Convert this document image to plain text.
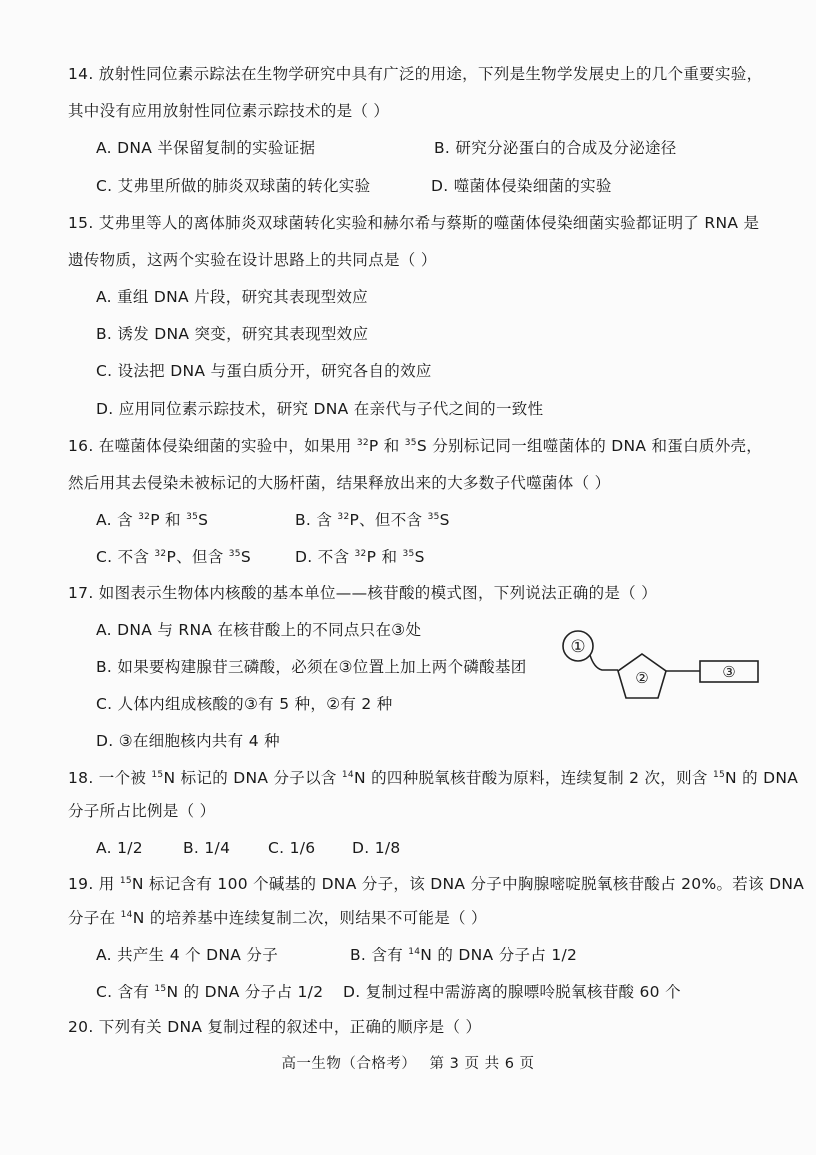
14. 放射性同位素示踪法在生物学研究中具有广泛的用途，下列是生物学发展史上的几个重要实验，
其中没有应用放射性同位素示踪技术的是（ ）
A. DNA 半保留复制的实验证据	B. 研究分泌蛋白的合成及分泌途径
C. 艾弗里所做的肺炎双球菌的转化实验	D. 噬菌体侵染细菌的实验
15. 艾弗里等人的离体肺炎双球菌转化实验和赫尔希与蔡斯的噬菌体侵染细菌实验都证明了 RNA 是
遗传物质，这两个实验在设计思路上的共同点是（ ）
A. 重组 DNA 片段，研究其表现型效应
B. 诱发 DNA 突变，研究其表现型效应
C. 设法把 DNA 与蛋白质分开，研究各自的效应
D. 应用同位素示踪技术，研究 DNA 在亲代与子代之间的一致性
16. 在噬菌体侵染细菌的实验中，如果用 $^{32}$P 和 $^{35}$S 分别标记同一组噬菌体的 DNA 和蛋白质外壳，
然后用其去侵染未被标记的大肠杆菌，结果释放出来的大多数子代噬菌体（ ）
A. 含 $^{32}$P 和 $^{35}$S	B. 含 $^{32}$P、但不含 $^{35}$S
C. 不含 $^{32}$P、但含 $^{35}$S	D. 不含 $^{32}$P 和 $^{35}$S
17. 如图表示生物体内核酸的基本单位——核苷酸的模式图，下列说法正确的是（ ）
A. DNA 与 RNA 在核苷酸上的不同点只在③处
B. 如果要构建腺苷三磷酸，必须在③位置上加上两个磷酸基团
C. 人体内组成核酸的③有 5 种，②有 2 种
D. ③在细胞核内共有 4 种
①
②	③
18. 一个被 $^{15}$N 标记的 DNA 分子以含 $^{14}$N 的四种脱氧核苷酸为原料，连续复制 2 次，则含 $^{15}$N 的 DNA
分子所占比例是（ ）
A. 1/2	B. 1/4 C. 1/6 D. 1/8
19. 用 $^{15}$N 标记含有 100 个碱基的 DNA 分子，该 DNA 分子中胸腺嘧啶脱氧核苷酸占 20%。若该 DNA
分子在 $^{14}$N 的培养基中连续复制二次，则结果不可能是（ ）
A. 共产生 4 个 DNA 分子	B. 含有 $^{14}$N 的 DNA 分子占 1/2
C. 含有 $^{15}$N 的 DNA 分子占 1/2 D. 复制过程中需游离的腺嘌呤脱氧核苷酸 60 个
20. 下列有关 DNA 复制过程的叙述中，正确的顺序是（ ）
高一生物（合格考） 第 3 页 共 6 页
